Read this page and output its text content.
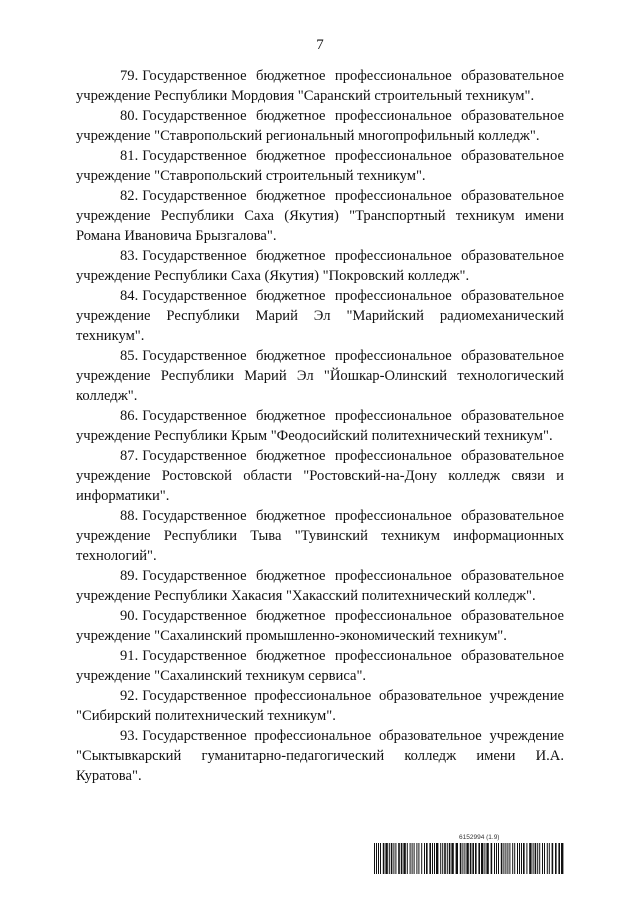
7

79. Государственное бюджетное профессиональное образовательное учреждение Республики Мордовия "Саранский строительный техникум".

80. Государственное бюджетное профессиональное образовательное учреждение "Ставропольский региональный многопрофильный колледж".

81. Государственное бюджетное профессиональное образовательное учреждение "Ставропольский строительный техникум".

82. Государственное бюджетное профессиональное образовательное учреждение Республики Саха (Якутия) "Транспортный техникум имени Романа Ивановича Брызгалова".

83. Государственное бюджетное профессиональное образовательное учреждение Республики Саха (Якутия) "Покровский колледж".

84. Государственное бюджетное профессиональное образовательное учреждение Республики Марий Эл "Марийский радиомеханический техникум".

85. Государственное бюджетное профессиональное образовательное учреждение Республики Марий Эл "Йошкар-Олинский технологический колледж".

86. Государственное бюджетное профессиональное образовательное учреждение Республики Крым "Феодосийский политехнический техникум".

87. Государственное бюджетное профессиональное образовательное учреждение Ростовской области "Ростовский-на-Дону колледж связи и информатики".

88. Государственное бюджетное профессиональное образовательное учреждение Республики Тыва "Тувинский техникум информационных технологий".

89. Государственное бюджетное профессиональное образовательное учреждение Республики Хакасия "Хакасский политехнический колледж".

90. Государственное бюджетное профессиональное образовательное учреждение "Сахалинский промышленно-экономический техникум".

91. Государственное бюджетное профессиональное образовательное учреждение "Сахалинский техникум сервиса".

92. Государственное профессиональное образовательное учреждение "Сибирский политехнический техникум".

93. Государственное профессиональное образовательное учреждение "Сыктывкарский гуманитарно-педагогический колледж имени И.А. Куратова".

6152994 (1.9)
